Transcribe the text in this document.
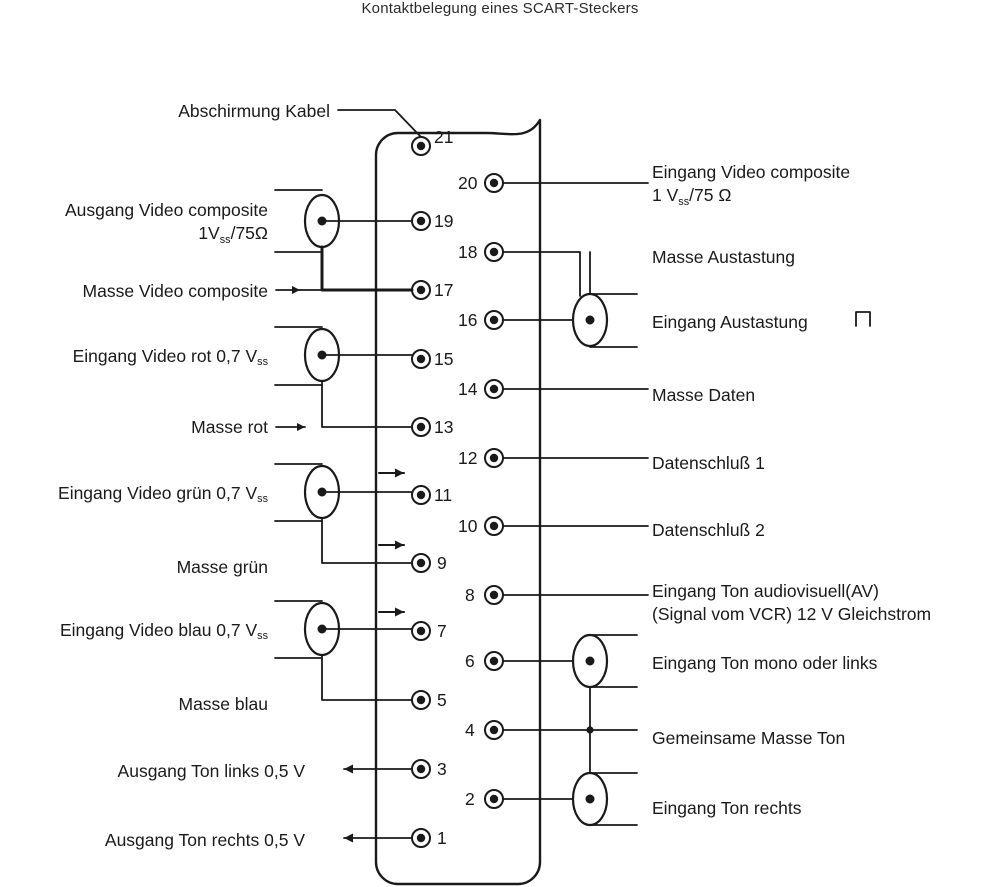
Kontaktbelegung eines SCART-Steckers
Abschirmung Kabel
Ausgang Video composite
$1V_{ss}/75\Omega$
Masse Video composite
Eingang Video rot 0,7 $V_{ss}$
Masse rot
Eingang Video grün 0,7 $V_{ss}$
Masse grün
Eingang Video blau 0,7 $V_{ss}$
Masse blau
Ausgang Ton links 0,5 V
Ausgang Ton rechts 0,5 V
Eingang Video composite
1 $V_{ss}/75$ Ω
Masse Austastung
Eingang Austastung
Masse Daten
Datenschluß 1
Datenschluß 2
Eingang Ton audiovisuell(AV)
(Signal vom VCR) 12 V Gleichstrom
Eingang Ton mono oder links
Gemeinsame Masse Ton
Eingang Ton rechts
21
19
17
15
13
11
9
7
5
3
1
20
18
16
14
12
10
8
6
4
2
